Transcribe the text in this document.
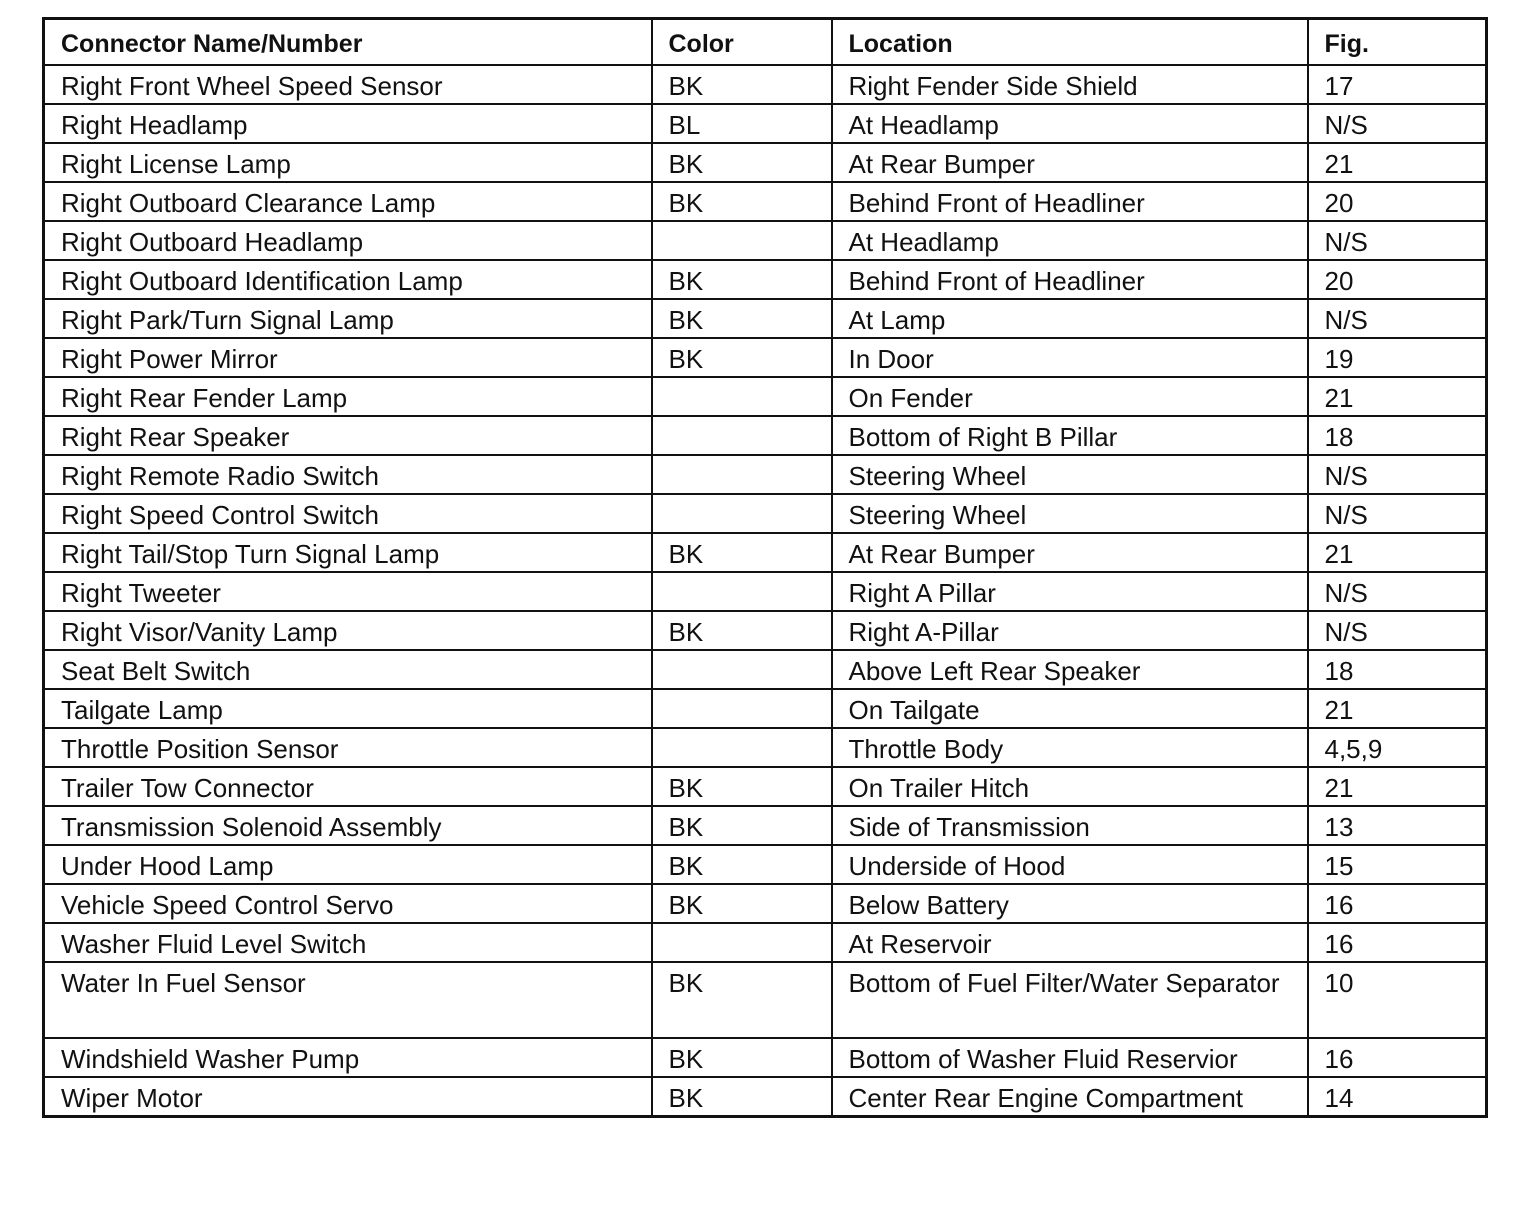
Connector Name/Number	Color	Location	Fig.
Right Front Wheel Speed Sensor	BK	Right Fender Side Shield	17
Right Headlamp	BL	At Headlamp	N/S
Right License Lamp	BK	At Rear Bumper	21
Right Outboard Clearance Lamp	BK	Behind Front of Headliner	20
Right Outboard Headlamp		At Headlamp	N/S
Right Outboard Identification Lamp	BK	Behind Front of Headliner	20
Right Park/Turn Signal Lamp	BK	At Lamp	N/S
Right Power Mirror	BK	In Door	19
Right Rear Fender Lamp		On Fender	21
Right Rear Speaker		Bottom of Right B Pillar	18
Right Remote Radio Switch		Steering Wheel	N/S
Right Speed Control Switch		Steering Wheel	N/S
Right Tail/Stop Turn Signal Lamp	BK	At Rear Bumper	21
Right Tweeter		Right A Pillar	N/S
Right Visor/Vanity Lamp	BK	Right A-Pillar	N/S
Seat Belt Switch		Above Left Rear Speaker	18
Tailgate Lamp		On Tailgate	21
Throttle Position Sensor		Throttle Body	4,5,9
Trailer Tow Connector	BK	On Trailer Hitch	21
Transmission Solenoid Assembly	BK	Side of Transmission	13
Under Hood Lamp	BK	Underside of Hood	15
Vehicle Speed Control Servo	BK	Below Battery	16
Washer Fluid Level Switch		At Reservoir	16
Water In Fuel Sensor	BK	Bottom of Fuel Filter/Water Separator	10
Windshield Washer Pump	BK	Bottom of Washer Fluid Reservior	16
Wiper Motor	BK	Center Rear Engine Compartment	14
